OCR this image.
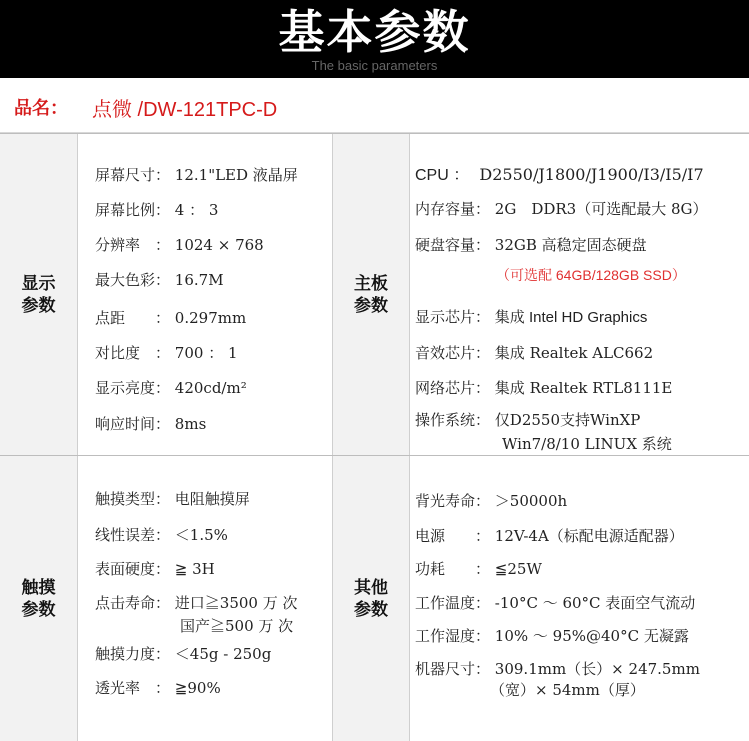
基本参数
The basic parameters
品名： 点微 /DW-121TPC-D
显示参数
屏幕尺寸： 12.1"LED 液晶屏
屏幕比例： 4 ： 3
分辨率　： 1024 × 768
最大色彩： 16.7M
点距　　： 0.297mm
对比度　： 700 ： 1
显示亮度： 420cd/m²
响应时间： 8ms
主板参数
CPU ： D2550/J1800/J1900/I3/I5/I7
内存容量： 2G　DDR3（可选配最大 8G）
硬盘容量： 32GB 高稳定固态硬盘
（可选配 64GB/128GB SSD）
显示芯片： 集成 Intel HD Graphics
音效芯片： 集成 Realtek ALC662
网络芯片： 集成 Realtek RTL8111E
操作系统： 仅D2550支持WinXP
Win7/8/10 LINUX 系统
触摸参数
触摸类型： 电阻触摸屏
线性误差： ＜1.5%
表面硬度： ≧ 3H
点击寿命： 进口≧3500 万 次
国产≧500 万 次
触摸力度： ＜45g - 250g
透光率　： ≧90%
其他参数
背光寿命： ＞50000h
电源　　： 12V-4A（标配电源适配器）
功耗　　： ≦25W
工作温度： -10°C ～ 60°C 表面空气流动
工作湿度： 10% ～ 95%@40°C 无凝露
机器尺寸： 309.1mm（长）× 247.5mm
（宽）× 54mm（厚）
